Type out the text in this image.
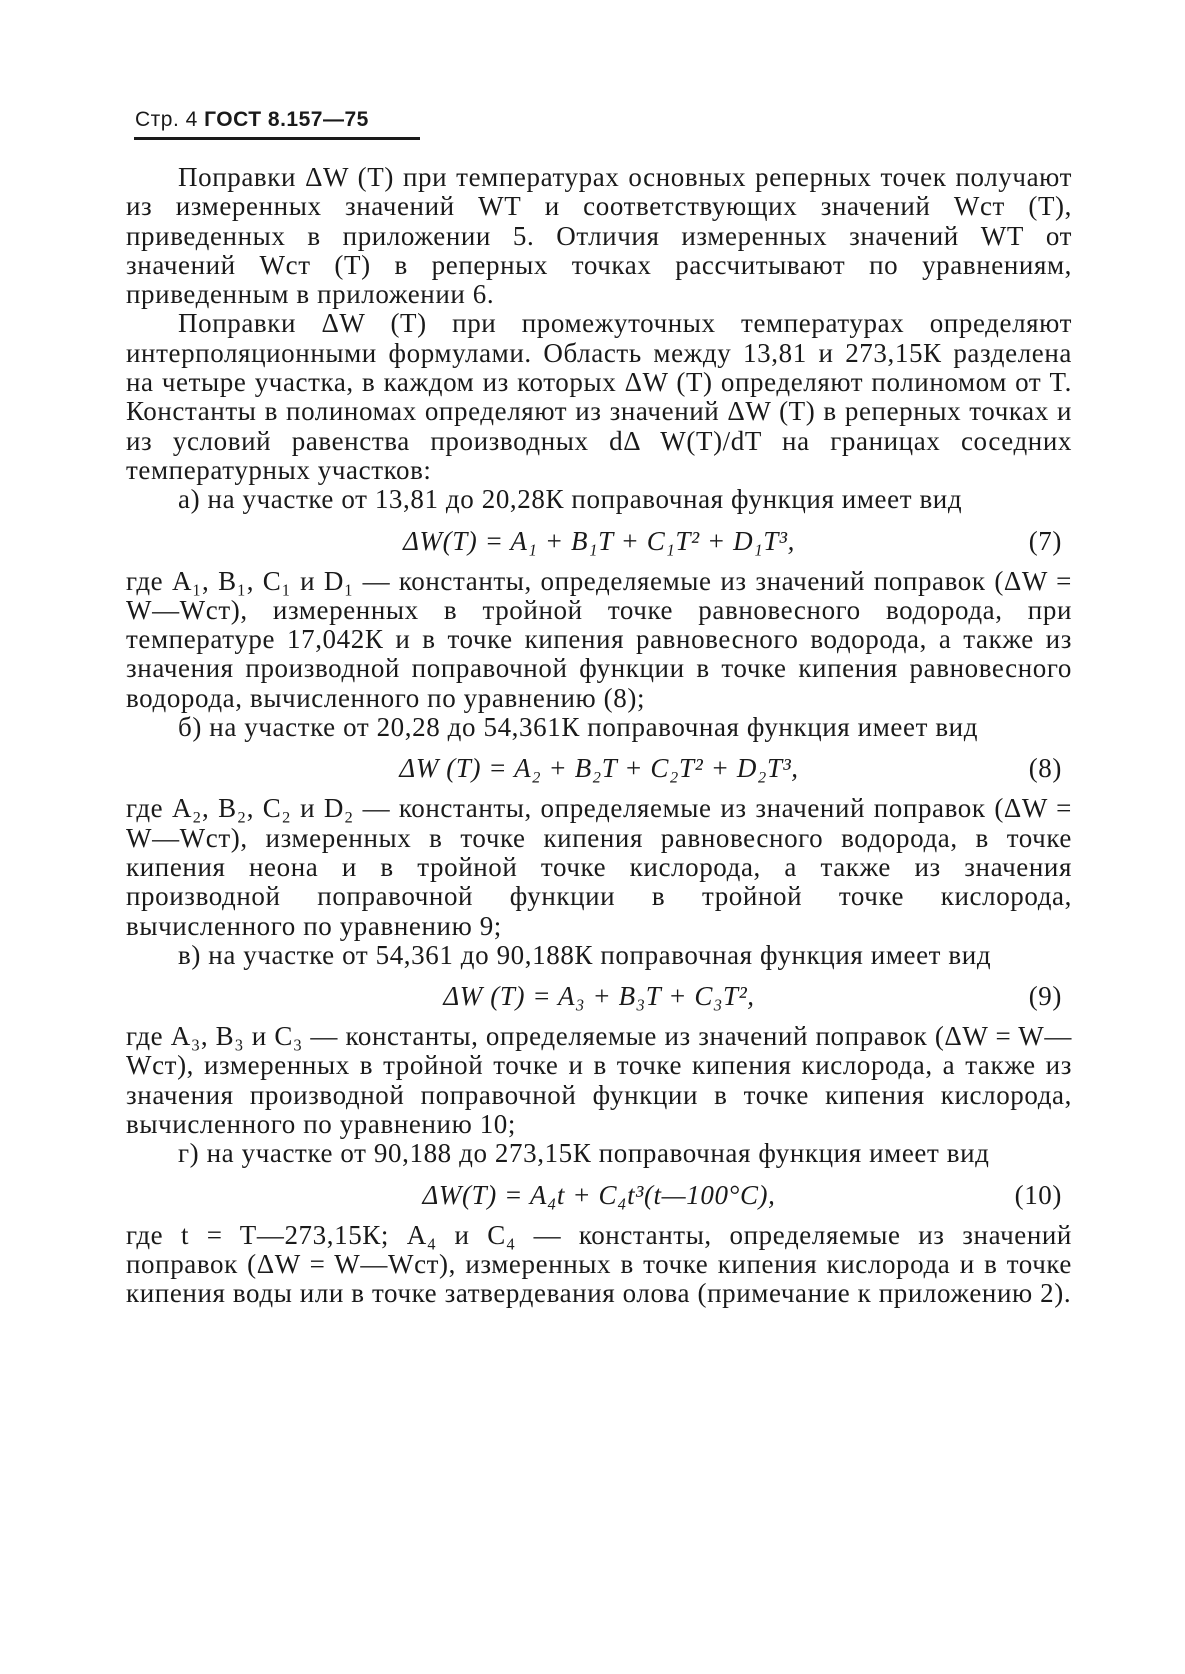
Стр. 4 ГОСТ 8.157—75

Поправки ΔW (T) при температурах основных реперных точек получают из измеренных значений WТ и соответствующих значений Wст (T), приведенных в приложении 5. Отличия измеренных значений WТ от значений Wст (T) в реперных точках рассчитывают по уравнениям, приведенным в приложении 6.

Поправки ΔW (T) при промежуточных температурах определяют интерполяционными формулами. Область между 13,81 и 273,15К разделена на четыре участка, в каждом из которых ΔW (T) определяют полиномом от T. Константы в полиномах определяют из значений ΔW (T) в реперных точках и из условий равенства производных dΔ W(T)/dT на границах соседних температурных участков:

а) на участке от 13,81 до 20,28К поправочная функция имеет вид

ΔW(T) = A₁ + B₁T + C₁T² + D₁T³,	(7)

где A₁, B₁, C₁ и D₁ — константы, определяемые из значений поправок (ΔW = W—Wст), измеренных в тройной точке равновесного водорода, при температуре 17,042К и в точке кипения равновесного водорода, а также из значения производной поправочной функции в точке кипения равновесного водорода, вычисленного по уравнению (8);

б) на участке от 20,28 до 54,361К поправочная функция имеет вид

ΔW (T) = A₂ + B₂T + C₂T² + D₂T³,	(8)

где A₂, B₂, C₂ и D₂ — константы, определяемые из значений поправок (ΔW = W—Wст), измеренных в точке кипения равновесного водорода, в точке кипения неона и в тройной точке кислорода, а также из значения производной поправочной функции в тройной точке кислорода, вычисленного по уравнению 9;

в) на участке от 54,361 до 90,188К поправочная функция имеет вид

ΔW (T) = A₃ + B₃T + C₃T²,	(9)

где A₃, B₃ и C₃ — константы, определяемые из значений поправок (ΔW = W—Wст), измеренных в тройной точке и в точке кипения кислорода, а также из значения производной поправочной функции в точке кипения кислорода, вычисленного по уравнению 10;

г) на участке от 90,188 до 273,15К поправочная функция имеет вид

ΔW(T) = A₄t + C₄t³(t—100°C),	(10)

где t = T—273,15К; A₄ и C₄ — константы, определяемые из значений поправок (ΔW = W—Wст), измеренных в точке кипения кислорода и в точке кипения воды или в точке затвердевания олова (примечание к приложению 2).
